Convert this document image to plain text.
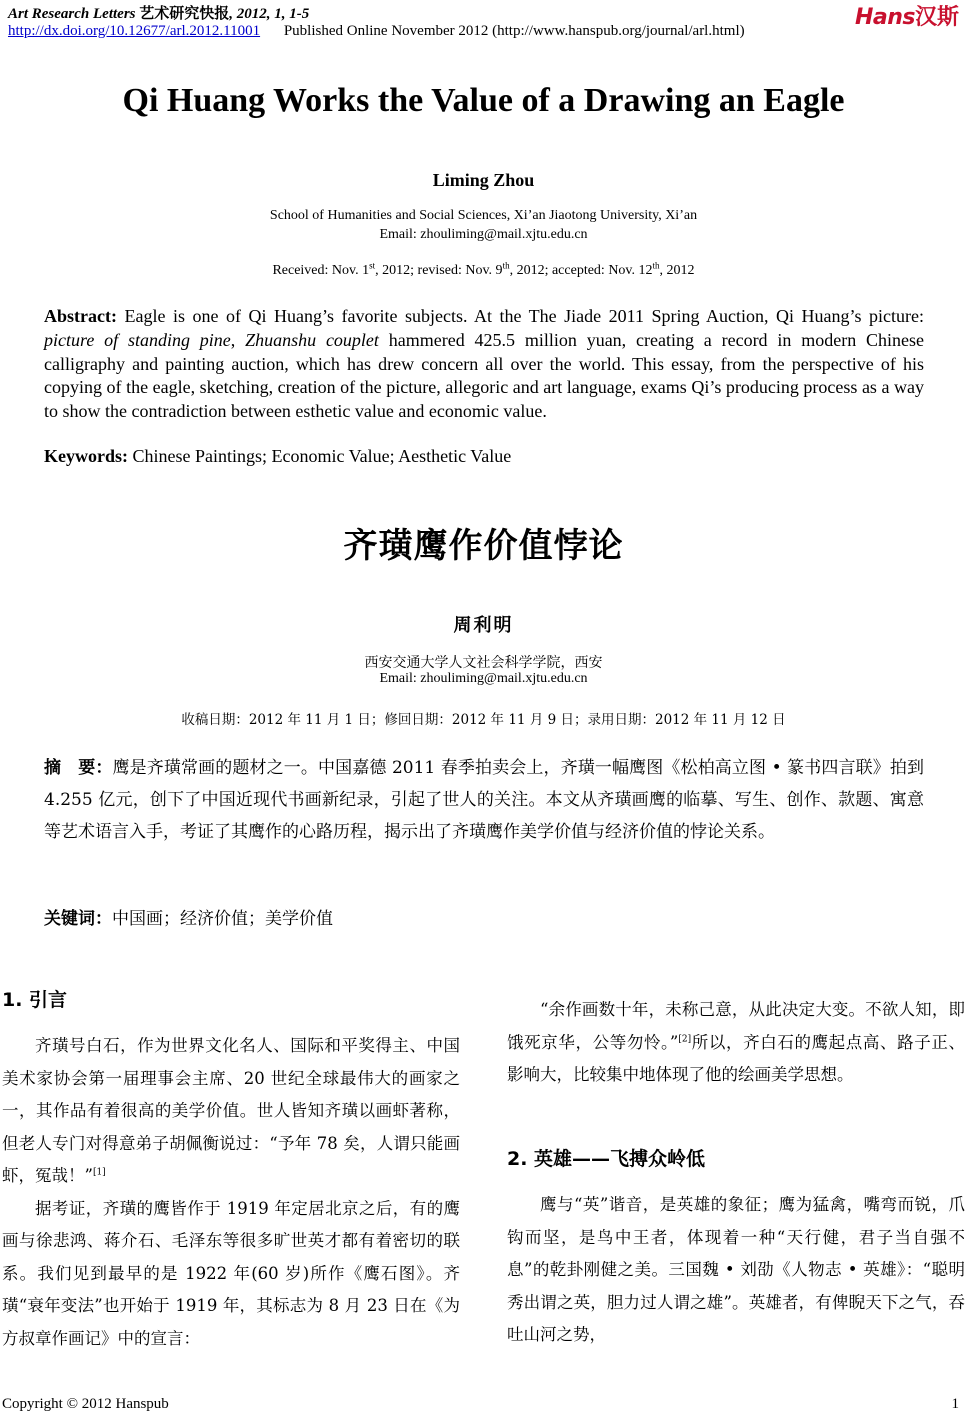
Art Research Letters 艺术研究快报, 2012, 1, 1-5
http://dx.doi.org/10.12677/arl.2012.11001 Published Online November 2012 (http://www.hanspub.org/journal/arl.html)
Hans汉斯
Qi Huang Works the Value of a Drawing an Eagle
Liming Zhou
School of Humanities and Social Sciences, Xi’an Jiaotong University, Xi’an
Email: zhouliming@mail.xjtu.edu.cn
Received: Nov. 1st, 2012; revised: Nov. 9th, 2012; accepted: Nov. 12th, 2012
Abstract: Eagle is one of Qi Huang’s favorite subjects. At the The Jiade 2011 Spring Auction, Qi Huang’s picture: picture of standing pine, Zhuanshu couplet hammered 425.5 million yuan, creating a record in modern Chinese calligraphy and painting auction, which has drew concern all over the world. This essay, from the perspective of his copying of the eagle, sketching, creation of the picture, allegoric and art language, exams Qi’s producing process as a way to show the contradiction between esthetic value and economic value.
Keywords: Chinese Paintings; Economic Value; Aesthetic Value
齐璜鹰作价值悖论
周利明
西安交通大学人文社会科学学院，西安
Email: zhouliming@mail.xjtu.edu.cn
收稿日期：2012 年 11 月 1 日；修回日期：2012 年 11 月 9 日；录用日期：2012 年 11 月 12 日
摘　要：鹰是齐璜常画的题材之一。中国嘉德 2011 春季拍卖会上，齐璜一幅鹰图《松柏高立图 • 篆书四言联》拍到 4.255 亿元，创下了中国近现代书画新纪录，引起了世人的关注。本文从齐璜画鹰的临摹、写生、创作、款题、寓意等艺术语言入手，考证了其鹰作的心路历程，揭示出了齐璜鹰作美学价值与经济价值的悖论关系。
关键词：中国画；经济价值；美学价值
1. 引言

齐璜号白石，作为世界文化名人、国际和平奖得主、中国美术家协会第一届理事会主席、20 世纪全球最伟大的画家之一，其作品有着很高的美学价值。世人皆知齐璜以画虾著称，但老人专门对得意弟子胡佩衡说过：“予年 78 矣，人谓只能画虾，冤哉！”[1]

据考证，齐璜的鹰皆作于 1919 年定居北京之后，有的鹰画与徐悲鸿、蒋介石、毛泽东等很多旷世英才都有着密切的联系。我们见到最早的是 1922 年(60 岁)所作《鹰石图》。齐璜“衰年变法”也开始于 1919 年，其标志为 8 月 23 日在《为方叔章作画记》中的宣言：

“余作画数十年，未称己意，从此决定大变。不欲人知，即饿死京华，公等勿怜。”[2]所以，齐白石的鹰起点高、路子正、影响大，比较集中地体现了他的绘画美学思想。

2. 英雄——飞搏众岭低

鹰与“英”谐音，是英雄的象征；鹰为猛禽，嘴弯而锐，爪钩而坚，是鸟中王者，体现着一种“天行健，君子当自强不息”的乾卦刚健之美。三国魏 • 刘劭《人物志 • 英雄》：“聪明秀出谓之英，胆力过人谓之雄”。英雄者，有俾睨天下之气，吞吐山河之势，

Copyright © 2012 Hanspub	1
